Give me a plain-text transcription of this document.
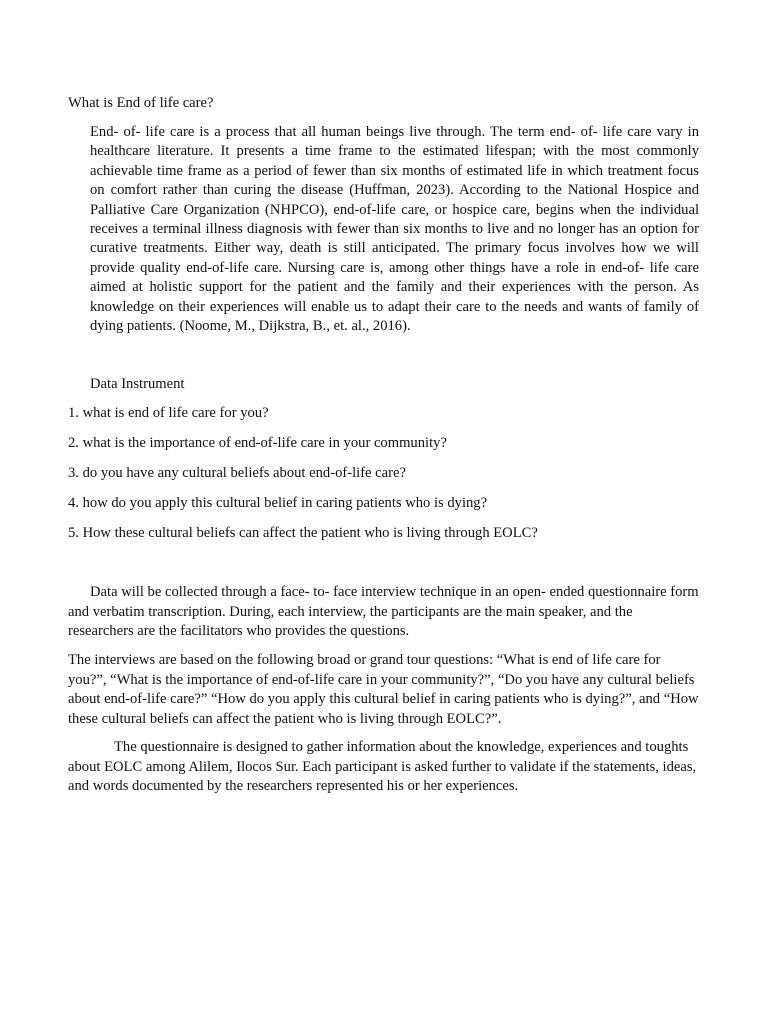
What is End of life care?

End- of- life care is a process that all human beings live through. The term end- of- life care vary in healthcare literature. It presents a time frame to the estimated lifespan; with the most commonly achievable time frame as a period of fewer than six months of estimated life in which treatment focus on comfort rather than curing the disease (Huffman, 2023). According to the National Hospice and Palliative Care Organization (NHPCO), end-of-life care, or hospice care, begins when the individual receives a terminal illness diagnosis with fewer than six months to live and no longer has an option for curative treatments. Either way, death is still anticipated. The primary focus involves how we will provide quality end-of-life care. Nursing care is, among other things have a role in end-of- life care aimed at holistic support for the patient and the family and their experiences with the person. As knowledge on their experiences will enable us to adapt their care to the needs and wants of family of dying patients. (Noome, M., Dijkstra, B., et. al., 2016).

Data Instrument

1. what is end of life care for you?

2. what is the importance of end-of-life care in your community?

3. do you have any cultural beliefs about end-of-life care?

4. how do you apply this cultural belief in caring patients who is dying?

5. How these cultural beliefs can affect the patient who is living through EOLC?

Data will be collected through a face- to- face interview technique in an open- ended questionnaire form and verbatim transcription. During, each interview, the participants are the main speaker, and the researchers are the facilitators who provides the questions.

The interviews are based on the following broad or grand tour questions: “What is end of life care for you?”, “What is the importance of end-of-life care in your community?”, “Do you have any cultural beliefs about end-of-life care?” “How do you apply this cultural belief in caring patients who is dying?”, and “How these cultural beliefs can affect the patient who is living through EOLC?”.

The questionnaire is designed to gather information about the knowledge, experiences and toughts about EOLC among Alilem, Ilocos Sur. Each participant is asked further to validate if the statements, ideas, and words documented by the researchers represented his or her experiences.
